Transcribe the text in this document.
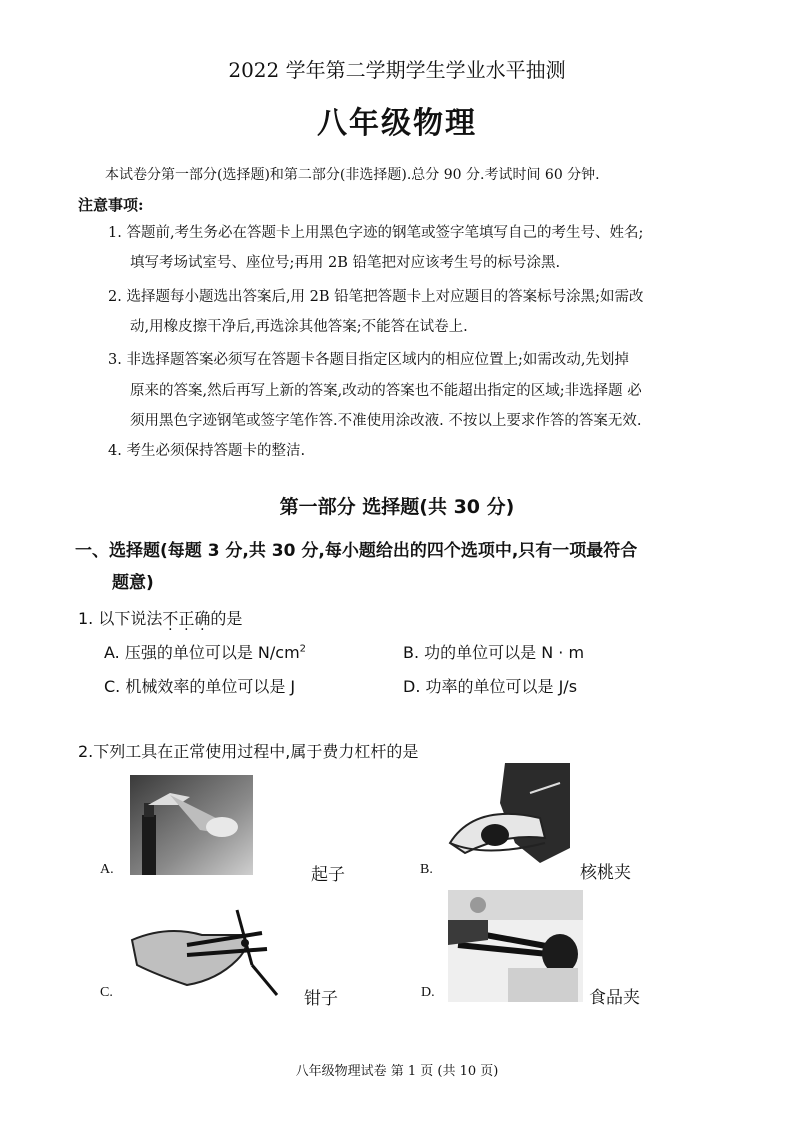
2022 学年第二学期学生学业水平抽测
八年级物理
本试卷分第一部分(选择题)和第二部分(非选择题).总分 90 分.考试时间 60 分钟.
注意事项:
1. 答题前,考生务必在答题卡上用黑色字迹的钢笔或签字笔填写自己的考生号、姓名;
填写考场试室号、座位号;再用 2B 铅笔把对应该考生号的标号涂黑.
2. 选择题每小题选出答案后,用 2B 铅笔把答题卡上对应题目的答案标号涂黑;如需改
动,用橡皮擦干净后,再选涂其他答案;不能答在试卷上.
3. 非选择题答案必须写在答题卡各题目指定区域内的相应位置上;如需改动,先划掉
原来的答案,然后再写上新的答案,改动的答案也不能超出指定的区域;非选择题 必
须用黑色字迹钢笔或签字笔作答.不准使用涂改液. 不按以上要求作答的答案无效.
4. 考生必须保持答题卡的整洁.
第一部分 选择题(共 30 分)
一、选择题(每题 3 分,共 30 分,每小题给出的四个选项中,只有一项最符合
题意)
1. 以下说法不正确的是
A. 压强的单位可以是 $N/cm^2$	B. 功的单位可以是 N · m
C. 机械效率的单位可以是 J	D. 功率的单位可以是 J/s
2.下列工具在正常使用过程中,属于费力杠杆的是
A.	起子	B.	核桃夹
C.	钳子	D.	食品夹
八年级物理试卷 第 1 页 (共 10 页)
